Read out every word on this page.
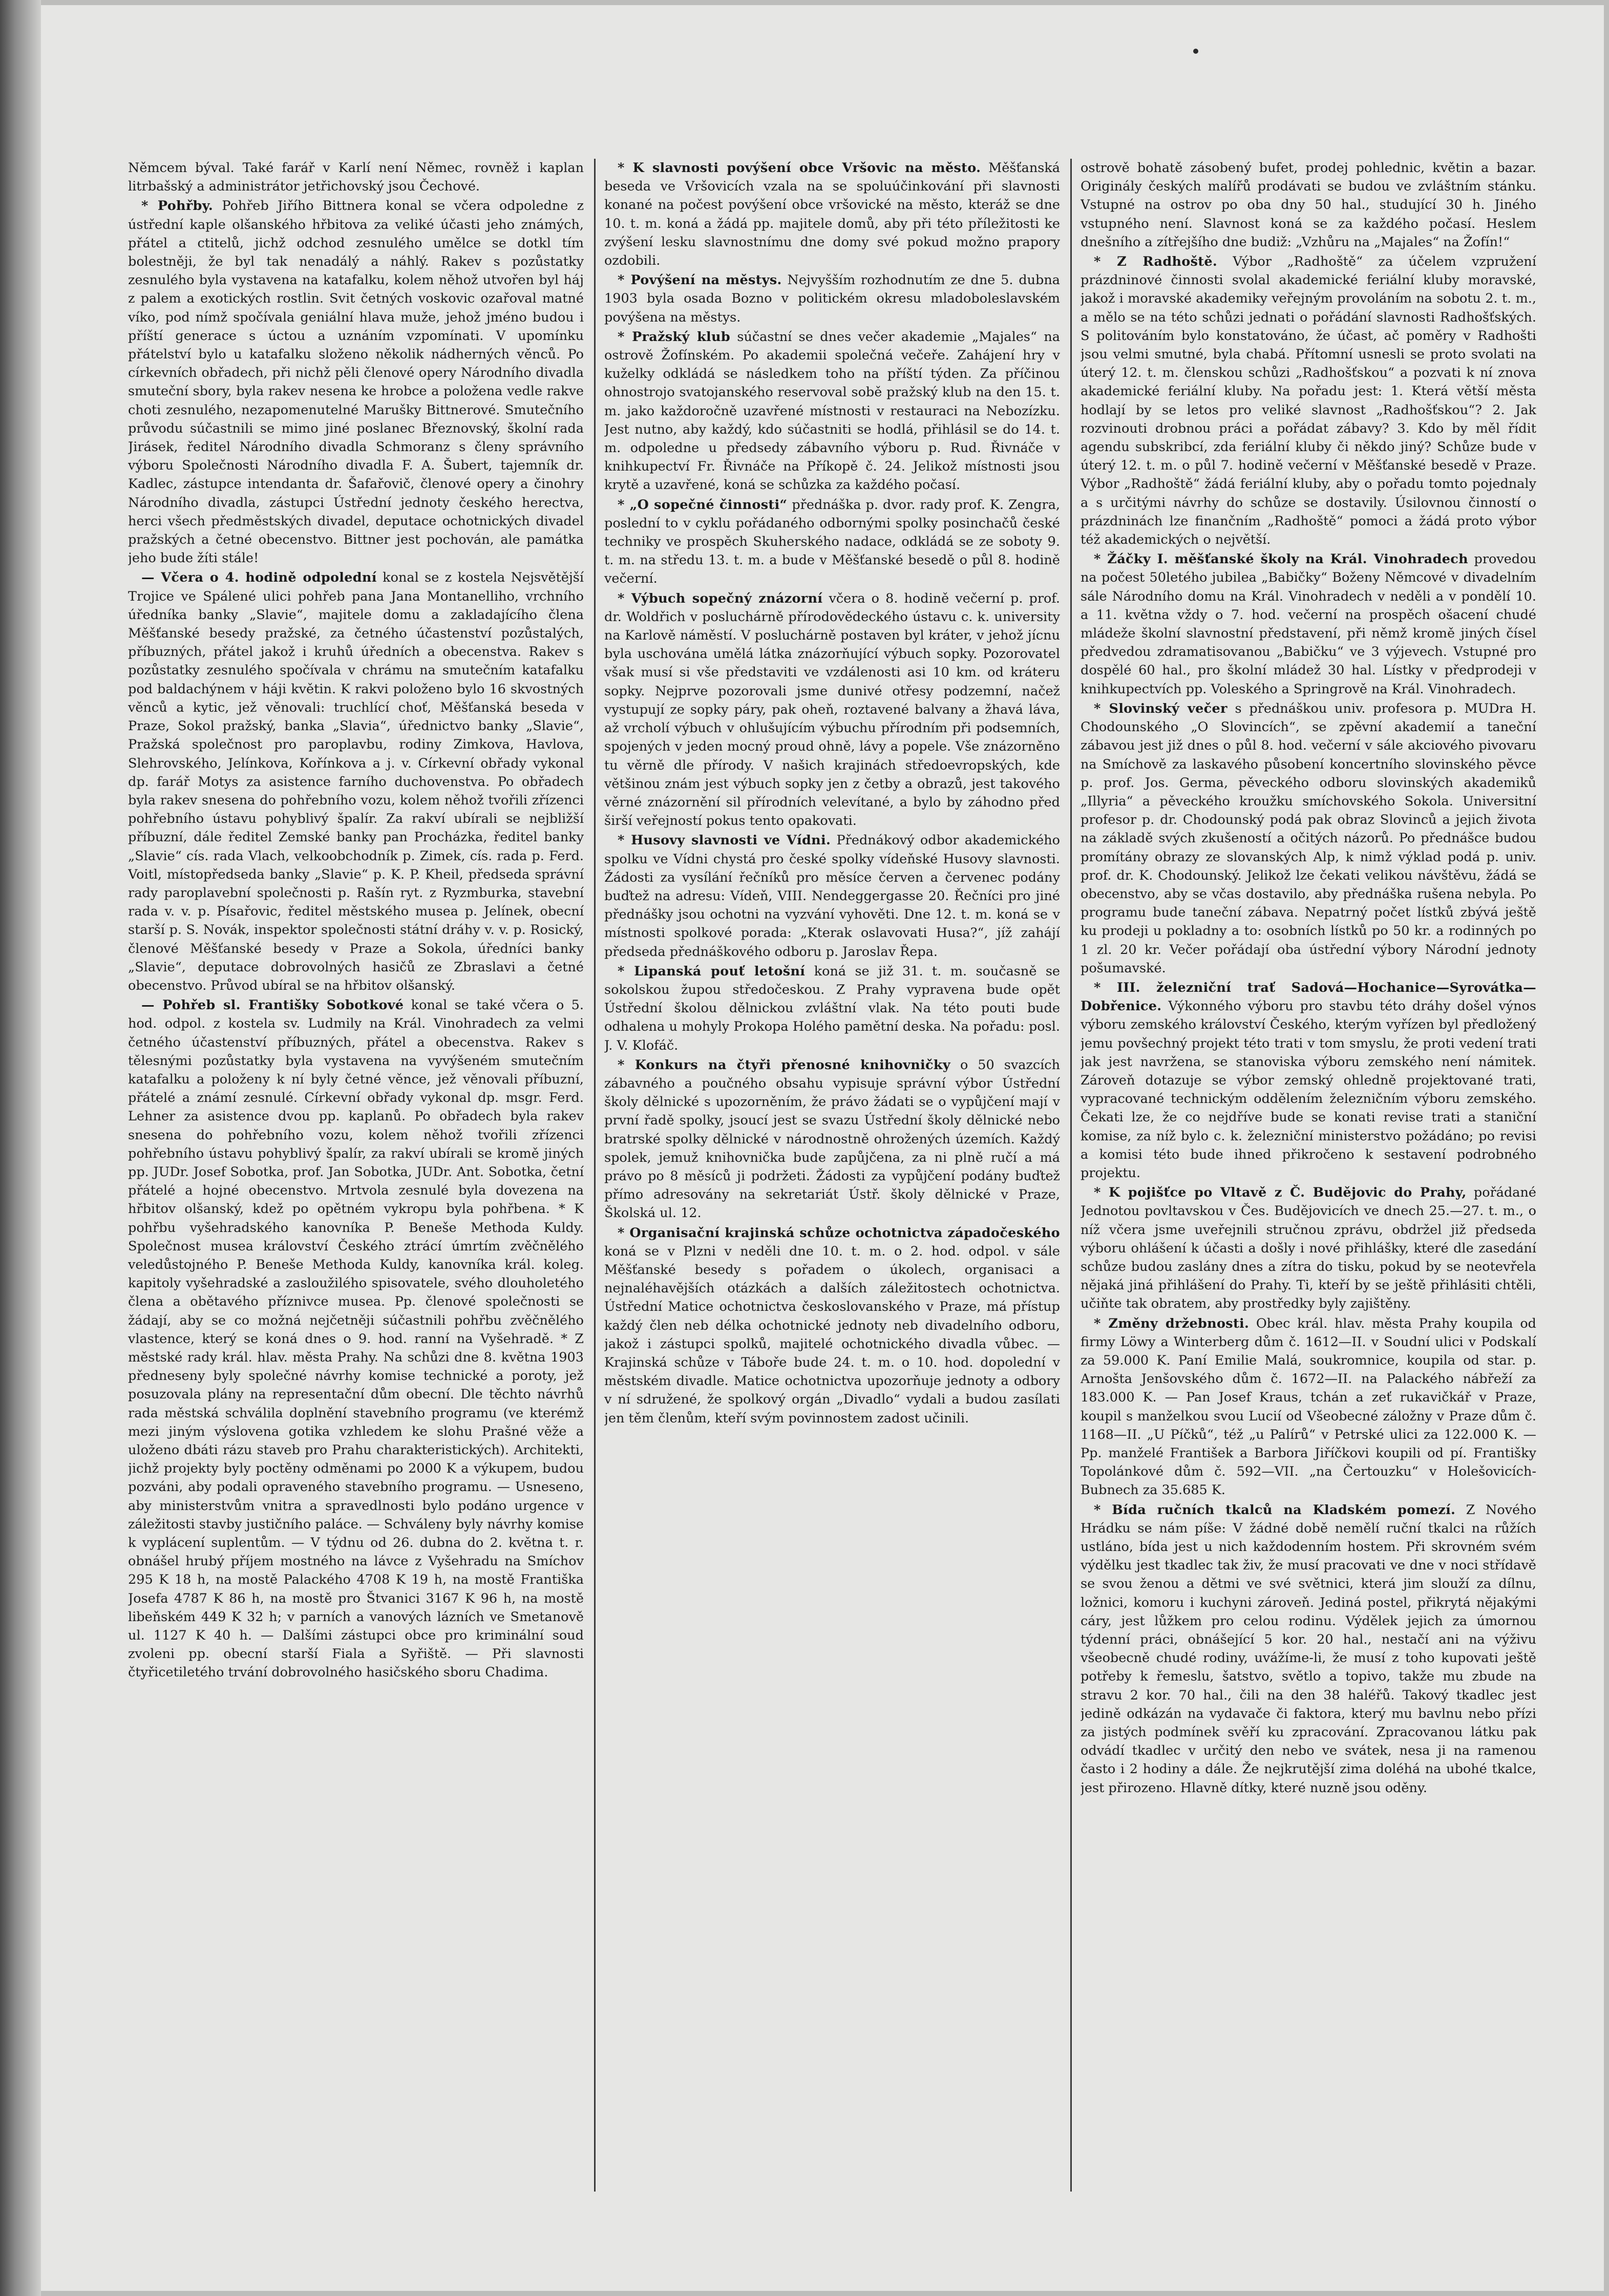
Němcem býval. Také farář v Karlí není Němec, rovněž i kaplan litrbašský a administrátor jetřichovský jsou Čechové.

* Pohřby. Pohřeb Jiřího Bittnera konal se včera odpoledne z ústřední kaple olšanského hřbitova za veliké účasti jeho známých, přátel a ctitelů, jichž odchod zesnulého umělce se dotkl tím bolestněji, že byl tak nenadálý a náhlý. Rakev s pozůstatky zesnulého byla vystavena na katafalku, kolem něhož utvořen byl háj z palem a exotických rostlin. Svit četných voskovic ozařoval matné víko, pod nímž spočívala geniální hlava muže, jehož jméno budou i příští generace s úctou a uznáním vzpomínati. V upomínku přátelství bylo u katafalku složeno několik nádherných věnců. Po církevních obřadech, při nichž pěli členové opery Národního divadla smuteční sbory, byla rakev nesena ke hrobce a položena vedle rakve choti zesnulého, nezapomenutelné Marušky Bittnerové. Smutečního průvodu súčastnili se mimo jiné poslanec Březnovský, školní rada Jirásek, ředitel Národního divadla Schmoranz s členy správního výboru Společnosti Národního divadla F. A. Šubert, tajemník dr. Kadlec, zástupce intendanta dr. Šafařovič, členové opery a činohry Národního divadla, zástupci Ústřední jednoty českého herectva, herci všech předměstských divadel, deputace ochotnických divadel pražských a četné obecenstvo. Bittner jest pochován, ale památka jeho bude žíti stále!

— Včera o 4. hodině odpolední konal se z kostela Nejsvětější Trojice ve Spálené ulici pohřeb pana Jana Montanelliho, vrchního úředníka banky „Slavie“, majitele domu a zakladajícího člena Měšťanské besedy pražské, za četného účastenství pozůstalých, příbuzných, přátel jakož i kruhů úředních a obecenstva. Rakev s pozůstatky zesnulého spočívala v chrámu na smutečním katafalku pod baldachýnem v háji květin. K rakvi položeno bylo 16 skvostných věnců a kytic, jež věnovali: truchlící choť, Měšťanská beseda v Praze, Sokol pražský, banka „Slavia“, úřednictvo banky „Slavie“, Pražská společnost pro paroplavbu, rodiny Zimkova, Havlova, Slehrovského, Jelínkova, Kořínkova a j. v. Církevní obřady vykonal dp. farář Motys za asistence farního duchovenstva. Po obřadech byla rakev snesena do pohřebního vozu, kolem něhož tvořili zřízenci pohřebního ústavu pohyblivý špalír. Za rakví ubírali se nejbližší příbuzní, dále ředitel Zemské banky pan Procházka, ředitel banky „Slavie“ cís. rada Vlach, velkoobchodník p. Zimek, cís. rada p. Ferd. Voitl, místopředseda banky „Slavie“ p. K. P. Kheil, předseda správní rady paroplavební společnosti p. Rašín ryt. z Ryzmburka, stavební rada v. v. p. Písařovic, ředitel městského musea p. Jelínek, obecní starší p. S. Novák, inspektor společnosti státní dráhy v. v. p. Rosický, členové Měšťanské besedy v Praze a Sokola, úředníci banky „Slavie“, deputace dobrovolných hasičů ze Zbraslavi a četné obecenstvo. Průvod ubíral se na hřbitov olšanský.

— Pohřeb sl. Františky Sobotkové konal se také včera o 5. hod. odpol. z kostela sv. Ludmily na Král. Vinohradech za velmi četného účastenství příbuzných, přátel a obecenstva. Rakev s tělesnými pozůstatky byla vystavena na vyvýšeném smutečním katafalku a položeny k ní byly četné věnce, jež věnovali příbuzní, přátelé a známí zesnulé. Církevní obřady vykonal dp. msgr. Ferd. Lehner za asistence dvou pp. kaplanů. Po obřadech byla rakev snesena do pohřebního vozu, kolem něhož tvořili zřízenci pohřebního ústavu pohyblivý špalír, za rakví ubírali se kromě jiných pp. JUDr. Josef Sobotka, prof. Jan Sobotka, JUDr. Ant. Sobotka, četní přátelé a hojné obecenstvo. Mrtvola zesnulé byla dovezena na hřbitov olšanský, kdež po opětném vykropu byla pohřbena. * K pohřbu vyšehradského kanovníka P. Beneše Methoda Kuldy. Společnost musea království Českého ztrácí úmrtím zvěčnělého veledůstojného P. Beneše Methoda Kuldy, kanovníka král. koleg. kapitoly vyšehradské a zasloužilého spisovatele, svého dlouholetého člena a obětavého příznivce musea. Pp. členové společnosti se žádají, aby se co možná nejčetněji súčastnili pohřbu zvěčnělého vlastence, který se koná dnes o 9. hod. ranní na Vyšehradě. * Z městské rady král. hlav. města Prahy. Na schůzi dne 8. května 1903 předneseny byly společné návrhy komise technické a poroty, jež posuzovala plány na representační dům obecní. Dle těchto návrhů rada městská schválila doplnění stavebního programu (ve kterémž mezi jiným výslovena gotika vzhledem ke slohu Prašné věže a uloženo dbáti rázu staveb pro Prahu charakteristických). Architekti, jichž projekty byly poctěny odměnami po 2000 K a výkupem, budou pozváni, aby podali opraveného stavebního programu. — Usneseno, aby ministerstvům vnitra a spravedlnosti bylo podáno urgence v záležitosti stavby justičního paláce. — Schváleny byly návrhy komise k vyplácení suplentům. — V týdnu od 26. dubna do 2. května t. r. obnášel hrubý příjem mostného na lávce z Vyšehradu na Smíchov 295 K 18 h, na mostě Palackého 4708 K 19 h, na mostě Františka Josefa 4787 K 86 h, na mostě pro Štvanici 3167 K 96 h, na mostě libeňském 449 K 32 h; v parních a vanových lázních ve Smetanově ul. 1127 K 40 h. — Dalšími zástupci obce pro kriminální soud zvoleni pp. obecní starší Fiala a Syřiště. — Při slavnosti čtyřicetiletého trvání dobrovolného hasičského sboru Chadima.

* K slavnosti povýšení obce Vršovic na město. Měšťanská beseda ve Vršovicích vzala na se spoluúčinkování při slavnosti konané na počest povýšení obce vršovické na město, kteráž se dne 10. t. m. koná a žádá pp. majitele domů, aby při této příležitosti ke zvýšení lesku slavnostnímu dne domy své pokud možno prapory ozdobili.

* Povýšení na městys. Nejvyšším rozhodnutím ze dne 5. dubna 1903 byla osada Bozno v politickém okresu mladoboleslavském povýšena na městys.

* Pražský klub súčastní se dnes večer akademie „Majales“ na ostrově Žofínském. Po akademii společná večeře. Zahájení hry v kuželky odkládá se následkem toho na příští týden. Za příčinou ohnostrojo svatojanského reservoval sobě pražský klub na den 15. t. m. jako každoročně uzavřené místnosti v restauraci na Nebozízku. Jest nutno, aby každý, kdo súčastniti se hodlá, přihlásil se do 14. t. m. odpoledne u předsedy zábavního výboru p. Rud. Řivnáče v knihkupectví Fr. Řivnáče na Příkopě č. 24. Jelikož místnosti jsou krytě a uzavřené, koná se schůzka za každého počasí.

* „O sopečné činnosti“ přednáška p. dvor. rady prof. K. Zengra, poslední to v cyklu pořádaného odbornými spolky posinchačů české techniky ve prospěch Skuherského nadace, odkládá se ze soboty 9. t. m. na středu 13. t. m. a bude v Měšťanské besedě o půl 8. hodině večerní.

* Výbuch sopečný znázorní včera o 8. hodině večerní p. prof. dr. Woldřich v posluchárně přírodovědeckého ústavu c. k. university na Karlově náměstí. V posluchárně postaven byl kráter, v jehož jícnu byla uschována umělá látka znázorňující výbuch sopky. Pozorovatel však musí si vše představiti ve vzdálenosti asi 10 km. od kráteru sopky. Nejprve pozorovali jsme dunivé otřesy podzemní, načež vystupují ze sopky páry, pak oheň, roztavené balvany a žhavá láva, až vrcholí výbuch v ohlušujícím výbuchu přírodním při podsemních, spojených v jeden mocný proud ohně, lávy a popele. Vše znázorněno tu věrně dle přírody. V našich krajinách středoevropských, kde většinou znám jest výbuch sopky jen z četby a obrazů, jest takového věrné znázornění sil přírodních velevítané, a bylo by záhodno před širší veřejností pokus tento opakovati.

* Husovy slavnosti ve Vídni. Přednákový odbor akademického spolku ve Vídni chystá pro české spolky vídeňské Husovy slavnosti. Žádosti za vysílání řečníků pro měsíce červen a červenec podány buďtež na adresu: Vídeň, VIII. Nendeggergasse 20. Řečníci pro jiné přednášky jsou ochotni na vyzvání vyhověti. Dne 12. t. m. koná se v místnosti spolkové porada: „Kterak oslavovati Husa?“, jíž zahájí předseda přednáškového odboru p. Jaroslav Řepa.

* Lipanská pouť letošní koná se již 31. t. m. současně se sokolskou župou středočeskou. Z Prahy vypravena bude opět Ústřední školou dělnickou zvláštní vlak. Na této pouti bude odhalena u mohyly Prokopa Holého pamětní deska. Na pořadu: posl. J. V. Klofáč.

* Konkurs na čtyři přenosné knihovničky o 50 svazcích zábavného a poučného obsahu vypisuje správní výbor Ústřední školy dělnické s upozorněním, že právo žádati se o vypůjčení mají v první řadě spolky, jsoucí jest se svazu Ústřední školy dělnické nebo bratrské spolky dělnické v národnostně ohrožených územích. Každý spolek, jemuž knihovnička bude zapůjčena, za ni plně ručí a má právo po 8 měsíců ji podržeti. Žádosti za vypůjčení podány buďtež přímo adresovány na sekretariát Ústř. školy dělnické v Praze, Školská ul. 12.

* Organisační krajinská schůze ochotnictva západočeského koná se v Plzni v neděli dne 10. t. m. o 2. hod. odpol. v sále Měšťanské besedy s pořadem o úkolech, organisaci a nejnaléhavějších otázkách a dalších záležitostech ochotnictva. Ústřední Matice ochotnictva českoslovanského v Praze, má přístup každý člen neb délka ochotnické jednoty neb divadelního odboru, jakož i zástupci spolků, majitelé ochotnického divadla vůbec. — Krajinská schůze v Táboře bude 24. t. m. o 10. hod. dopolední v městském divadle. Matice ochotnictva upozorňuje jednoty a odbory v ní sdružené, že spolkový orgán „Divadlo“ vydali a budou zasílati jen těm členům, kteří svým povinnostem zadost učinili.

ostrově bohatě zásobený bufet, prodej pohlednic, květin a bazar. Originály českých malířů prodávati se budou ve zvláštním stánku. Vstupné na ostrov po oba dny 50 hal., studující 30 h. Jiného vstupného není. Slavnost koná se za každého počasí. Heslem dnešního a zítřejšího dne budiž: „Vzhůru na „Majales“ na Žofín!“

* Z Radhoště. Výbor „Radhoště“ za účelem vzpružení prázdninové činnosti svolal akademické feriální kluby moravské, jakož i moravské akademiky veřejným provoláním na sobotu 2. t. m., a mělo se na této schůzi jednati o pořádání slavnosti Radhošťských. S politováním bylo konstatováno, že účast, ač poměry v Radhošti jsou velmi smutné, byla chabá. Přítomní usnesli se proto svolati na úterý 12. t. m. členskou schůzi „Radhošťskou“ a pozvati k ní znova akademické feriální kluby. Na pořadu jest: 1. Která větší města hodlají by se letos pro veliké slavnost „Radhošťskou“? 2. Jak rozvinouti drobnou práci a pořádat zábavy? 3. Kdo by měl řídit agendu subskribcí, zda feriální kluby či někdo jiný? Schůze bude v úterý 12. t. m. o půl 7. hodině večerní v Měšťanské besedě v Praze. Výbor „Radhoště“ žádá feriální kluby, aby o pořadu tomto pojednaly a s určitými návrhy do schůze se dostavily. Úsilovnou činností o prázdninách lze finančním „Radhoště“ pomoci a žádá proto výbor též akademických o největší.

* Žáčky I. měšťanské školy na Král. Vinohradech provedou na počest 50letého jubilea „Babičky“ Boženy Němcové v divadelním sále Národního domu na Král. Vinohradech v neděli a v pondělí 10. a 11. května vždy o 7. hod. večerní na prospěch ošacení chudé mládeže školní slavnostní představení, při němž kromě jiných čísel předvedou zdramatisovanou „Babičku“ ve 3 výjevech. Vstupné pro dospělé 60 hal., pro školní mládež 30 hal. Lístky v předprodeji v knihkupectvích pp. Voleského a Springrově na Král. Vinohradech.

* Slovinský večer s přednáškou univ. profesora p. MUDra H. Chodounského „O Slovincích“, se zpěvní akademií a taneční zábavou jest již dnes o půl 8. hod. večerní v sále akciového pivovaru na Smíchově za laskavého působení koncertního slovinského pěvce p. prof. Jos. Germa, pěveckého odboru slovinských akademiků „Illyria“ a pěveckého kroužku smíchovského Sokola. Universitní profesor p. dr. Chodounský podá pak obraz Slovinců a jejich života na základě svých zkušeností a očitých názorů. Po přednášce budou promítány obrazy ze slovanských Alp, k nimž výklad podá p. univ. prof. dr. K. Chodounský. Jelikož lze čekati velikou návštěvu, žádá se obecenstvo, aby se včas dostavilo, aby přednáška rušena nebyla. Po programu bude taneční zábava. Nepatrný počet lístků zbývá ještě ku prodeji u pokladny a to: osobních lístků po 50 kr. a rodinných po 1 zl. 20 kr. Večer pořádají oba ústřední výbory Národní jednoty pošumavské.

* III. železniční trať Sadová—Hochanice—Syrovátka—Dobřenice. Výkonného výboru pro stavbu této dráhy došel výnos výboru zemského království Českého, kterým vyřízen byl předložený jemu povšechný projekt této trati v tom smyslu, že proti vedení trati jak jest navržena, se stanoviska výboru zemského není námitek. Zároveň dotazuje se výbor zemský ohledně projektované trati, vypracované technickým oddělením železničním výboru zemského. Čekati lze, že co nejdříve bude se konati revise trati a staniční komise, za níž bylo c. k. železniční ministerstvo požádáno; po revisi a komisi této bude ihned přikročeno k sestavení podrobného projektu.

* K pojišťce po Vltavě z Č. Budějovic do Prahy, pořádané Jednotou povltavskou v Čes. Budějovicích ve dnech 25.—27. t. m., o níž včera jsme uveřejnili stručnou zprávu, obdržel již předseda výboru ohlášení k účasti a došly i nové přihlášky, které dle zasedání schůze budou zaslány dnes a zítra do tisku, pokud by se neotevřela nějaká jiná přihlášení do Prahy. Ti, kteří by se ještě přihlásiti chtěli, učiňte tak obratem, aby prostředky byly zajištěny.

* Změny držebnosti. Obec král. hlav. města Prahy koupila od firmy Löwy a Winterberg dům č. 1612—II. v Soudní ulici v Podskalí za 59.000 K. Paní Emilie Malá, soukromnice, koupila od star. p. Arnošta Jenšovského dům č. 1672—II. na Palackého nábřeží za 183.000 K. — Pan Josef Kraus, tchán a zeť rukavičkář v Praze, koupil s manželkou svou Lucií od Všeobecné záložny v Praze dům č. 1168—II. „U Píčků“, též „u Palírů“ v Petrské ulici za 122.000 K. — Pp. manželé František a Barbora Jiříčkovi koupili od pí. Františky Topolánkové dům č. 592—VII. „na Čertouzku“ v Holešovicích-Bubnech za 35.685 K.

* Bída ručních tkalců na Kladském pomezí. Z Nového Hrádku se nám píše: V žádné době nemělí ruční tkalci na růžích ustláno, bída jest u nich každodenním hostem. Při skrovném svém výdělku jest tkadlec tak živ, že musí pracovati ve dne v noci střídavě se svou ženou a dětmi ve své světnici, která jim slouží za dílnu, ložnici, komoru i kuchyni zároveň. Jediná postel, přikrytá nějakými cáry, jest lůžkem pro celou rodinu. Výdělek jejich za úmornou týdenní práci, obnášející 5 kor. 20 hal., nestačí ani na výživu všeobecně chudé rodiny, uvážíme-li, že musí z toho kupovati ještě potřeby k řemeslu, šatstvo, světlo a topivo, takže mu zbude na stravu 2 kor. 70 hal., čili na den 38 haléřů. Takový tkadlec jest jedině odkázán na vydavače či faktora, který mu bavlnu nebo přízi za jistých podmínek svěří ku zpracování. Zpracovanou látku pak odvádí tkadlec v určitý den nebo ve svátek, nesa ji na ramenou často i 2 hodiny a dále. Že nejkrutější zima doléhá na ubohé tkalce, jest přirozeno. Hlavně dítky, které nuzně jsou oděny.
